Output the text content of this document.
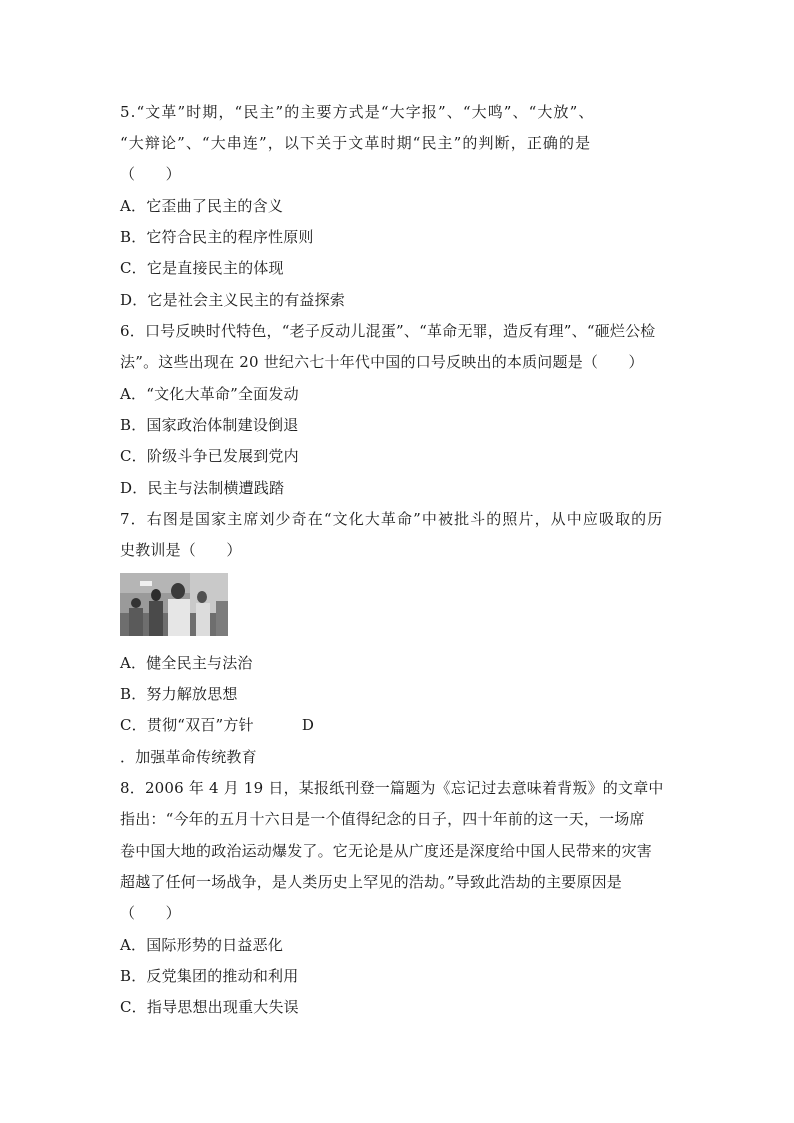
5.“文革”时期，“民主”的主要方式是“大字报”、“大鸣”、“大放”、
“大辩论”、“大串连”，以下关于文革时期“民主”的判断，正确的是
（　　）
A．它歪曲了民主的含义
B．它符合民主的程序性原则
C．它是直接民主的体现
D．它是社会主义民主的有益探索
6．口号反映时代特色，“老子反动儿混蛋”、“革命无罪，造反有理”、“砸烂公检
法”。这些出现在 20 世纪六七十年代中国的口号反映出的本质问题是（　　）
A．“文化大革命”全面发动
B．国家政治体制建设倒退
C．阶级斗争已发展到党内
D．民主与法制横遭践踏
7．右图是国家主席刘少奇在“文化大革命”中被批斗的照片，从中应吸取的历
史教训是（　　）
A．健全民主与法治
B．努力解放思想
C．贯彻“双百”方针	D
．加强革命传统教育
8．2006 年 4 月 19 日，某报纸刊登一篇题为《忘记过去意味着背叛》的文章中
指出：“今年的五月十六日是一个值得纪念的日子，四十年前的这一天，一场席
卷中国大地的政治运动爆发了。它无论是从广度还是深度给中国人民带来的灾害
超越了任何一场战争，是人类历史上罕见的浩劫。”导致此浩劫的主要原因是
（　　）
A．国际形势的日益恶化
B．反党集团的推动和利用
C．指导思想出现重大失误
